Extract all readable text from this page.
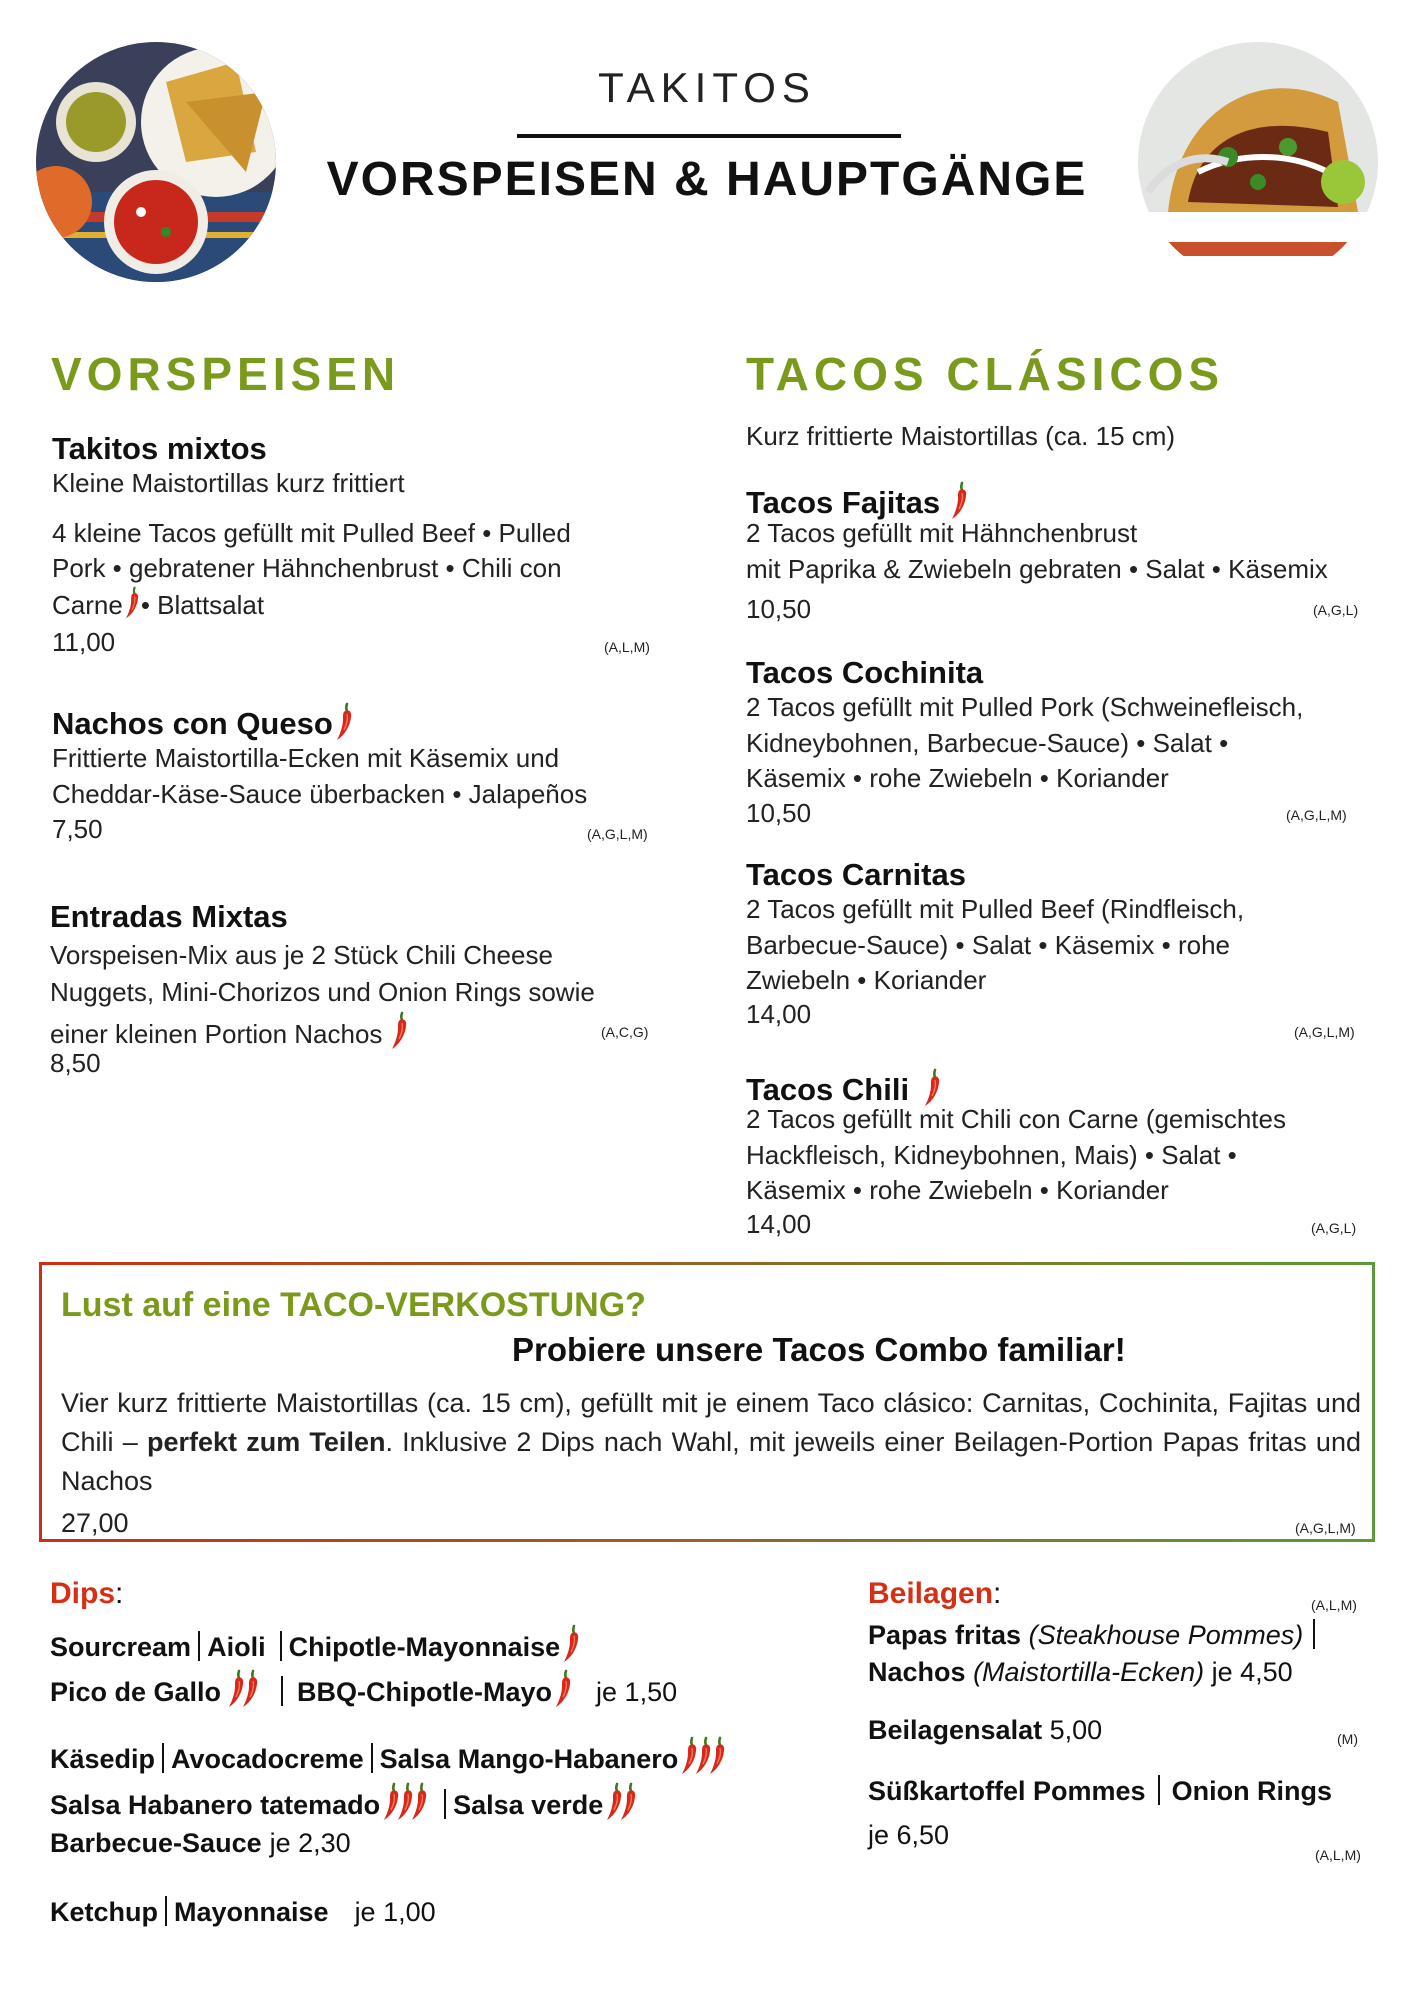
TAKITOS
VORSPEISEN & HAUPTGÄNGE
VORSPEISEN
Takitos mixtos
Kleine Maistortillas kurz frittiert
4 kleine Tacos gefüllt mit Pulled Beef • Pulled
Pork • gebratener Hähnchenbrust • Chili con
Carne • Blattsalat
11,00	(A,L,M)
Nachos con Queso
Frittierte Maistortilla-Ecken mit Käsemix und
Cheddar-Käse-Sauce überbacken • Jalapeños
7,50	(A,G,L,M)
Entradas Mixtas
Vorspeisen-Mix aus je 2 Stück Chili Cheese
Nuggets, Mini-Chorizos und Onion Rings sowie
einer kleinen Portion Nachos	(A,C,G)
8,50
TACOS CLÁSICOS
Kurz frittierte Maistortillas (ca. 15 cm)
Tacos Fajitas
2 Tacos gefüllt mit Hähnchenbrust
mit Paprika & Zwiebeln gebraten • Salat • Käsemix
10,50	(A,G,L)
Tacos Cochinita
2 Tacos gefüllt mit Pulled Pork (Schweinefleisch,
Kidneybohnen, Barbecue-Sauce) • Salat •
Käsemix • rohe Zwiebeln • Koriander
10,50	(A,G,L,M)
Tacos Carnitas
2 Tacos gefüllt mit Pulled Beef (Rindfleisch,
Barbecue-Sauce) • Salat • Käsemix • rohe
Zwiebeln • Koriander
14,00
(A,G,L,M)
Tacos Chili
2 Tacos gefüllt mit Chili con Carne (gemischtes
Hackfleisch, Kidneybohnen, Mais) • Salat •
Käsemix • rohe Zwiebeln • Koriander
14,00	(A,G,L)
Lust auf eine TACO-VERKOSTUNG?
Probiere unsere Tacos Combo familiar!
Vier kurz frittierte Maistortillas (ca. 15 cm), gefüllt mit je einem Taco clásico: Carnitas, Cochinita, Fajitas und Chili – perfekt zum Teilen. Inklusive 2 Dips nach Wahl, mit jeweils einer Beilagen-Portion Papas fritas und Nachos
27,00	(A,G,L,M)
Dips:
Sourcream Aioli Chipotle-Mayonnaise
Pico de Gallo	BBQ-Chipotle-Mayo je 1,50
Käsedip Avocadocreme Salsa Mango-Habanero
Salsa Habanero tatemado	Salsa verde
Barbecue-Sauce je 2,30
Ketchup Mayonnaise je 1,00
Beilagen:	(A,L,M)
Papas fritas (Steakhouse Pommes)
Nachos (Maistortilla-Ecken) je 4,50
Beilagensalat 5,00	(M)
Süßkartoffel Pommes Onion Rings
je 6,50
(A,L,M)
